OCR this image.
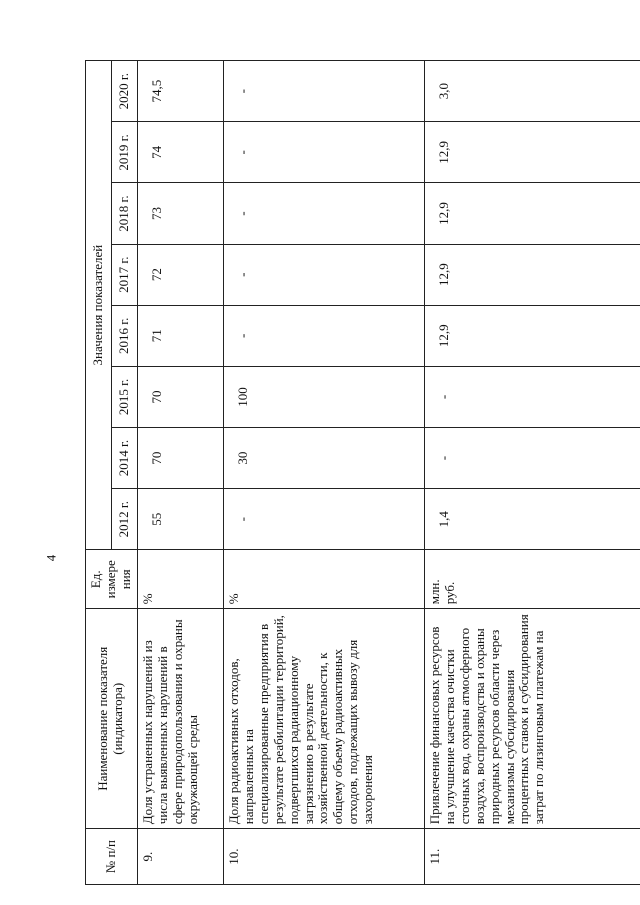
4
№ п/п	Наименование показателя (индикатора)	Ед. измере ния	Значения показателей							
			2012 г.	2014 г.	2015 г.	2016 г.	2017 г.	2018 г.	2019 г.	2020 г.
9.	Доля устраненных нарушений из числа выявленных нарушений в сфере природопользования и охраны окружающей среды	%	55	70	70	71	72	73	74	74,5
10.	Доля радиоактивных отходов, направленных на специализированные предприятия в результате реабилитации территорий, подвергшихся радиационному загрязнению в результате хозяйственной деятельности, к общему объему радиоактивных отходов, подлежащих вывозу для захоронения	%	-	30	100	-	-	-	-	-
11.	Привлечение финансовых ресурсов на улучшение качества очистки сточных вод, охраны атмосферного воздуха, воспроизводства и охраны природных ресурсов области через механизмы субсидирования процентных ставок и субсидирования затрат по лизинговым платежам на	млн. руб.	1,4	-	-	12,9	12,9	12,9	12,9	3,0
